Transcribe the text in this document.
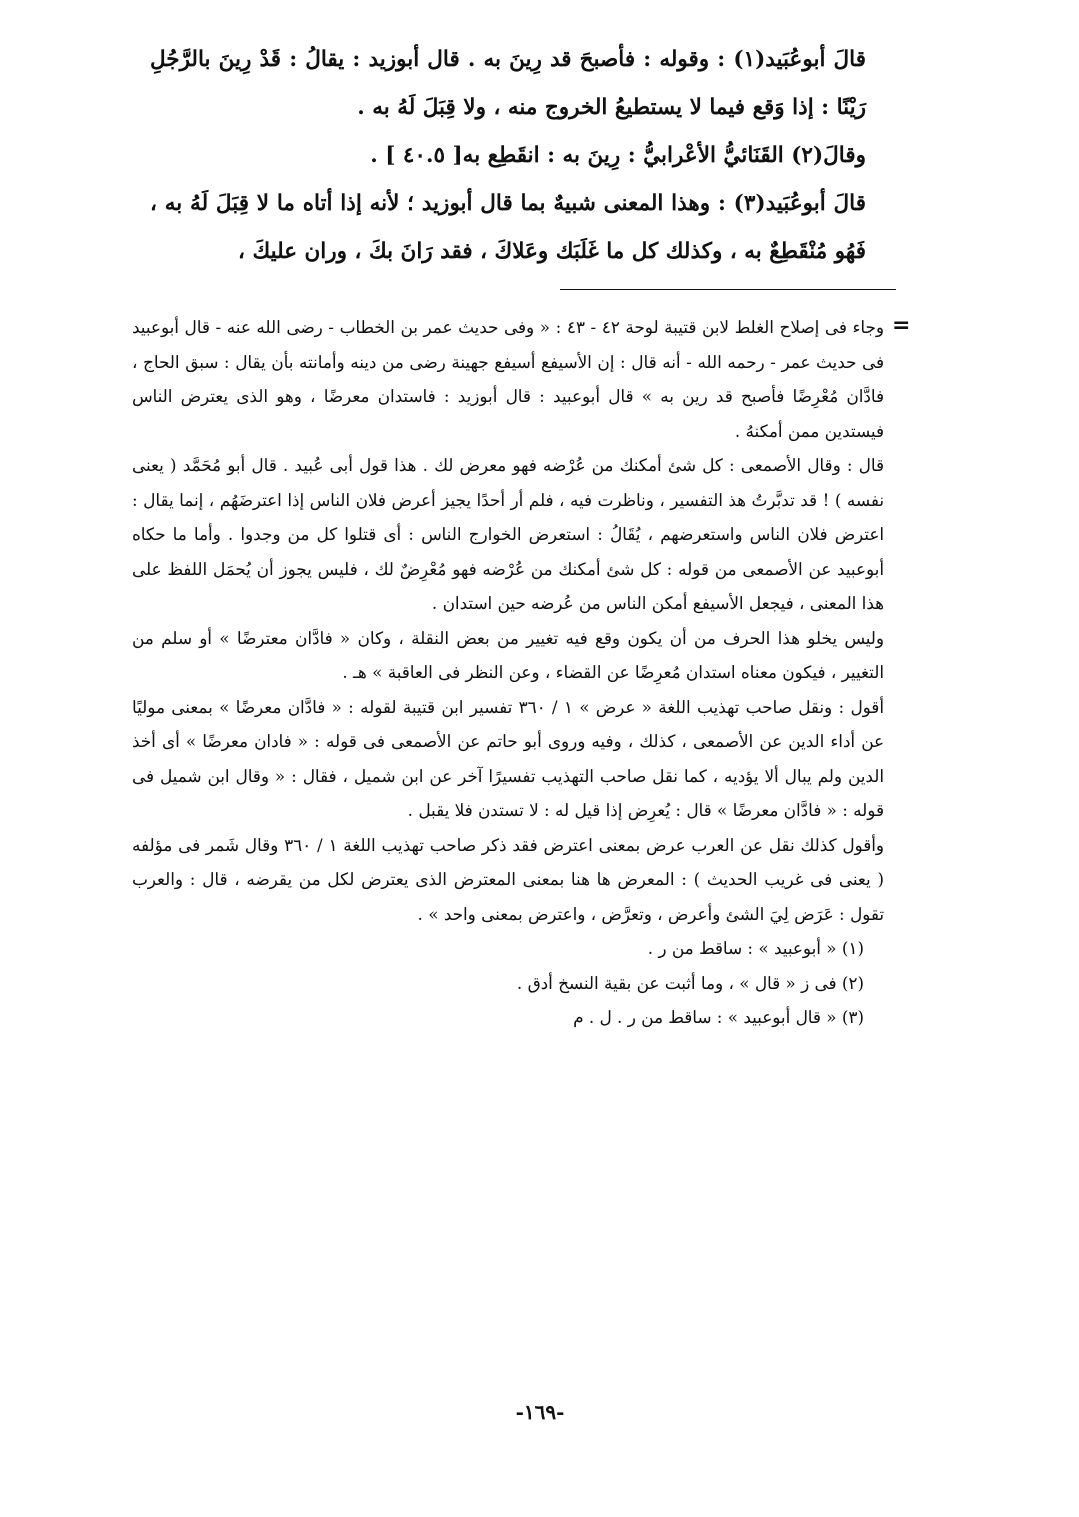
قالَ أبوعُبَيد(١) : وقوله : فأصبحَ قد رِينَ به . قال أبوزيد : يقالُ : قَدْ رِينَ بالرَّجُلِ رَيْنًا : إذا وَقع فيما لا يستطيعُ الخروج منه ، ولا قِبَلَ لَهُ به .

وقالَ(٢) القَنَائيُّ الأعْرابيُّ : رِينَ به : انقَطِع به[ ٤٠.٥ ] .

قالَ أبوعُبَيد(٣) : وهذا المعنى شبيهٌ بما قال أبوزيد ؛ لأنه إذا أتاه ما لا قِبَلَ لَهُ به ، فَهُو مُنْقَطِعٌ به ، وكذلك كل ما غَلَبَك وعَلاكَ ، فقد رَانَ بكَ ، وران عليكَ ،

=

وجاء فى إصلاح الغلط لابن قتيبة لوحة ٤٢ - ٤٣ : « وفى حديث عمر بن الخطاب - رضى الله عنه - قال أبوعبيد فى حديث عمر - رحمه الله - أنه قال : إن الأسيفع أسيفع جهينة رضى من دينه وأمانته بأن يقال : سبق الحاج ، فادَّان مُعْرِضًا فأصبح قد رين به » قال أبوعبيد : قال أبوزيد : فاستدان معرضًا ، وهو الذى يعترض الناس فيستدين ممن أمكنهُ .

قال : وقال الأصمعى : كل شئ أمكنك من عُرْضه فهو معرض لك . هذا قول أبى عُبيد . قال أبو مُحَمَّد ( يعنى نفسه ) ! قد تدبَّرتُ هذ التفسير ، وناظرت فيه ، فلم أر أحدًا يجيز أعرض فلان الناس إذا اعترضَهُم ، إنما يقال : اعترض فلان الناس واستعرضهم ، يُقَالُ : استعرض الخوارج الناس : أى قتلوا كل من وجدوا . وأما ما حكاه أبوعبيد عن الأصمعى من قوله : كل شئ أمكنك من عُرْضه فهو مُعْرِضٌ لك ، فليس يجوز أن يُحمَل اللفظ على هذا المعنى ، فيجعل الأسيفع أمكن الناس من عُرضه حين استدان .

وليس يخلو هذا الحرف من أن يكون وقع فيه تغيير من بعض النقلة ، وكان « فادَّان معترضًا » أو سلم من التغيير ، فيكون معناه استدان مُعرِضًا عن القضاء ، وعن النظر فى العاقبة » هـ .

أقول : ونقل صاحب تهذيب اللغة « عرض » ١ / ٣٦٠ تفسير ابن قتيبة لقوله : « فادَّان معرضًا » بمعنى موليًا عن أداء الدين عن الأصمعى ، كذلك ، وفيه وروى أبو حاتم عن الأصمعى فى قوله : « فادان معرضًا » أى أخذ الدين ولم يبال ألا يؤديه ، كما نقل صاحب التهذيب تفسيرًا آخر عن ابن شميل ، فقال : « وقال ابن شميل فى قوله : « فادَّان معرضًا » قال : يُعرِض إذا قيل له : لا تستدن فلا يقبل .

وأقول كذلك نقل عن العرب عرض بمعنى اعترض فقد ذكر صاحب تهذيب اللغة ١ / ٣٦٠ وقال شَمر فى مؤلفه ( يعنى فى غريب الحديث ) : المعرض ها هنا بمعنى المعترض الذى يعترض لكل من يقرضه ، قال : والعرب تقول : عَرَض لِيَ الشئ وأعرض ، وتعرَّض ، واعترض بمعنى واحد » .

(١) « أبوعبيد » : ساقط من ر .

(٢) فى ز « قال » ، وما أثبت عن بقية النسخ أدق .

(٣) « قال أبوعبيد » : ساقط من ر . ل . م

-١٦٩-
